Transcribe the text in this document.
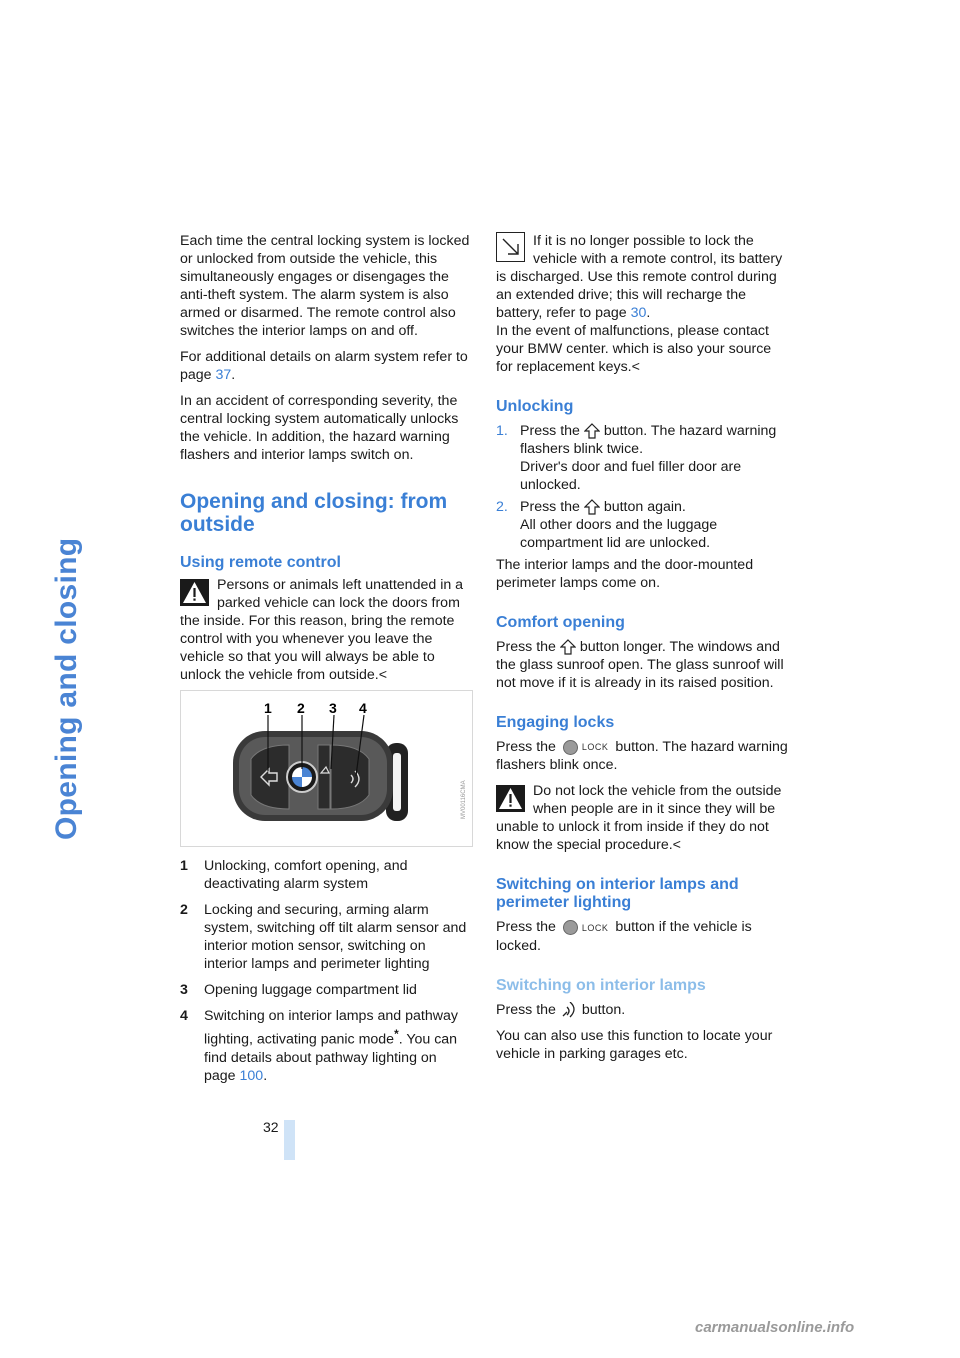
Opening and closing
32

Each time the central locking system is locked or unlocked from outside the vehicle, this simultaneously engages or disengages the anti-theft system. The alarm system is also armed or disarmed. The remote control also switches the interior lamps on and off.

For additional details on alarm system refer to page 37.

In an accident of corresponding severity, the central locking system automatically unlocks the vehicle. In addition, the hazard warning flashers and interior lamps switch on.

Opening and closing: from outside
Using remote control
Persons or animals left unattended in a parked vehicle can lock the doors from the inside. For this reason, bring the remote control with you whenever you leave the vehicle so that you will always be able to unlock the vehicle from outside.<
1 2 3 4
MV00116CMA
1 Unlocking, comfort opening, and deactivating alarm system
2 Locking and securing, arming alarm system, switching off tilt alarm sensor and interior motion sensor, switching on interior lamps and perimeter lighting
3 Opening luggage compartment lid
4 Switching on interior lamps and pathway lighting, activating panic mode*. You can find details about pathway lighting on page 100.
If it is no longer possible to lock the vehicle with a remote control, its battery is discharged. Use this remote control during an extended drive; this will recharge the battery, refer to page 30.
In the event of malfunctions, please contact your BMW center. which is also your source for replacement keys.<
Unlocking
1. Press the  button. The hazard warning flashers blink twice.
Driver's door and fuel filler door are unlocked.
2. Press the  button again.
All other doors and the luggage compartment lid are unlocked.

The interior lamps and the door-mounted perimeter lamps come on.

Comfort opening

Press the  button longer. The windows and the glass sunroof open. The glass sunroof will not move if it is already in its raised position.

Engaging locks

Press the LOCK button. The hazard warning flashers blink once.

Do not lock the vehicle from the outside when people are in it since they will be unable to unlock it from inside if they do not know the special procedure.<
Switching on interior lamps and perimeter lighting

Press the LOCK button if the vehicle is locked.

Switching on interior lamps

Press the  button.

You can also use this function to locate your vehicle in parking garages etc.

carmanualsonline.info
